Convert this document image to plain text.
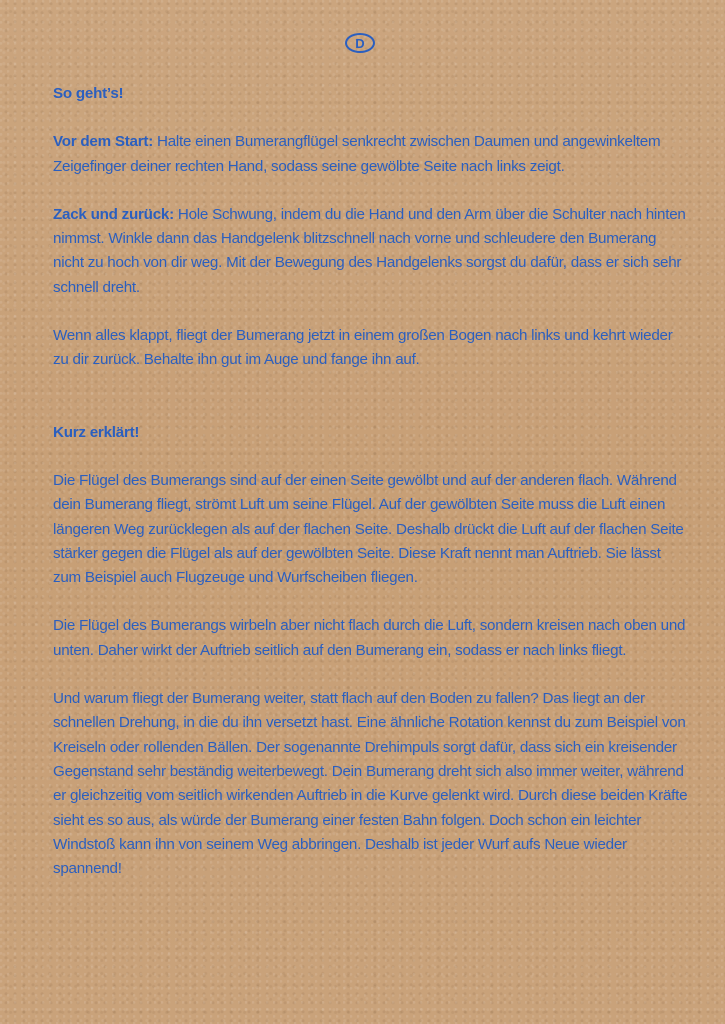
D

So geht’s!

Vor dem Start: Halte einen Bumerangflügel senkrecht zwischen Daumen und angewinkeltem Zeigefinger deiner rechten Hand, sodass seine gewölbte Seite nach links zeigt.

Zack und zurück: Hole Schwung, indem du die Hand und den Arm über die Schulter nach hinten nimmst. Winkle dann das Handgelenk blitzschnell nach vorne und schleudere den Bumerang nicht zu hoch von dir weg. Mit der Bewegung des Handgelenks sorgst du dafür, dass er sich sehr schnell dreht.

Wenn alles klappt, fliegt der Bumerang jetzt in einem großen Bogen nach links und kehrt wieder zu dir zurück. Behalte ihn gut im Auge und fange ihn auf.

Kurz erklärt!

Die Flügel des Bumerangs sind auf der einen Seite gewölbt und auf der anderen flach. Während dein Bumerang fliegt, strömt Luft um seine Flügel. Auf der gewölbten Seite muss die Luft einen längeren Weg zurücklegen als auf der flachen Seite. Deshalb drückt die Luft auf der flachen Seite stärker gegen die Flügel als auf der gewölbten Seite. Diese Kraft nennt man Auftrieb. Sie lässt zum Beispiel auch Flugzeuge und Wurfscheiben fliegen.

Die Flügel des Bumerangs wirbeln aber nicht flach durch die Luft, sondern kreisen nach oben und unten. Daher wirkt der Auftrieb seitlich auf den Bumerang ein, sodass er nach links fliegt.

Und warum fliegt der Bumerang weiter, statt flach auf den Boden zu fallen? Das liegt an der schnellen Drehung, in die du ihn versetzt hast. Eine ähnliche Rotation kennst du zum Beispiel von Kreiseln oder rollenden Bällen. Der sogenannte Drehimpuls sorgt dafür, dass sich ein kreisender Gegenstand sehr beständig weiterbewegt. Dein Bumerang dreht sich also immer weiter, während er gleichzeitig vom seitlich wirkenden Auftrieb in die Kurve gelenkt wird. Durch diese beiden Kräfte sieht es so aus, als würde der Bumerang einer festen Bahn folgen. Doch schon ein leichter Windstoß kann ihn von seinem Weg abbringen. Deshalb ist jeder Wurf aufs Neue wieder spannend!
